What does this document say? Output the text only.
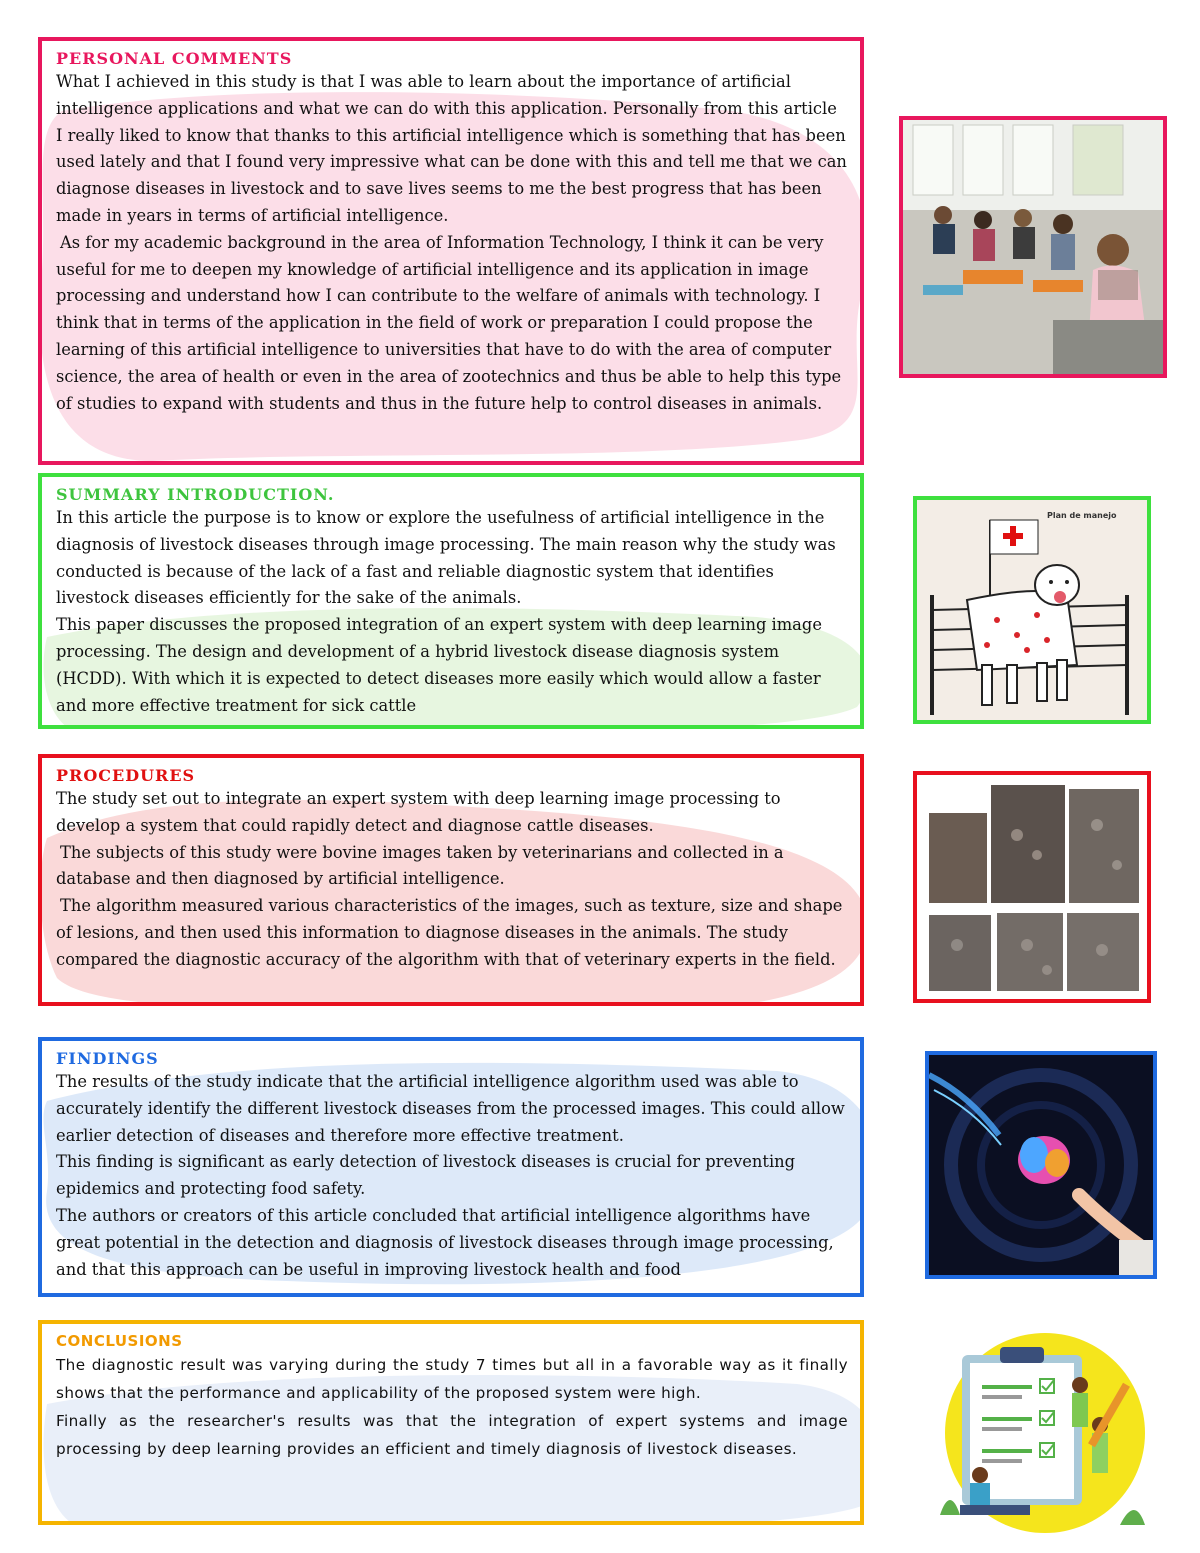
PERSONAL COMMENTS
What I achieved in this study is that I was able to learn about the importance of artificial intelligence applications and what we can do with this application. Personally from this article I really liked to know that thanks to this artificial intelligence which is something that has been used lately and that I found very impressive what can be done with this and tell me that we can diagnose diseases in livestock and to save lives seems to me the best progress that has been made in years in terms of artificial intelligence.
As for my academic background in the area of Information Technology, I think it can be very useful for me to deepen my knowledge of artificial intelligence and its application in image processing and understand how I can contribute to the welfare of animals with technology. I think that in terms of the application in the field of work or preparation I could propose the learning of this artificial intelligence to universities that have to do with the area of computer science, the area of health or even in the area of zootechnics and thus be able to help this type of studies to expand with students and thus in the future help to control diseases in animals.
SUMMARY INTRODUCTION.
In this article the purpose is to know or explore the usefulness of artificial intelligence in the diagnosis of livestock diseases through image processing. The main reason why the study was conducted is because of the lack of a fast and reliable diagnostic system that identifies livestock diseases efficiently for the sake of the animals.
This paper discusses the proposed integration of an expert system with deep learning image processing. The design and development of a hybrid livestock disease diagnosis system (HCDD). With which it is expected to detect diseases more easily which would allow a faster and more effective treatment for sick cattle
PROCEDURES
The study set out to integrate an expert system with deep learning image processing to develop a system that could rapidly detect and diagnose cattle diseases.
The subjects of this study were bovine images taken by veterinarians and collected in a database and then diagnosed by artificial intelligence.
The algorithm measured various characteristics of the images, such as texture, size and shape of lesions, and then used this information to diagnose diseases in the animals. The study compared the diagnostic accuracy of the algorithm with that of veterinary experts in the field.
FINDINGS
The results of the study indicate that the artificial intelligence algorithm used was able to accurately identify the different livestock diseases from the processed images. This could allow earlier detection of diseases and therefore more effective treatment.
This finding is significant as early detection of livestock diseases is crucial for preventing epidemics and protecting food safety.
The authors or creators of this article concluded that artificial intelligence algorithms have great potential in the detection and diagnosis of livestock diseases through image processing, and that this approach can be useful in improving livestock health and food
CONCLUSIONS
The diagnostic result was varying during the study 7 times but all in a favorable way as it finally shows that the performance and applicability of the proposed system were high.
Finally as the researcher's results was that the integration of expert systems and image processing by deep learning provides an efficient and timely diagnosis of livestock diseases.
Plan de manejo
